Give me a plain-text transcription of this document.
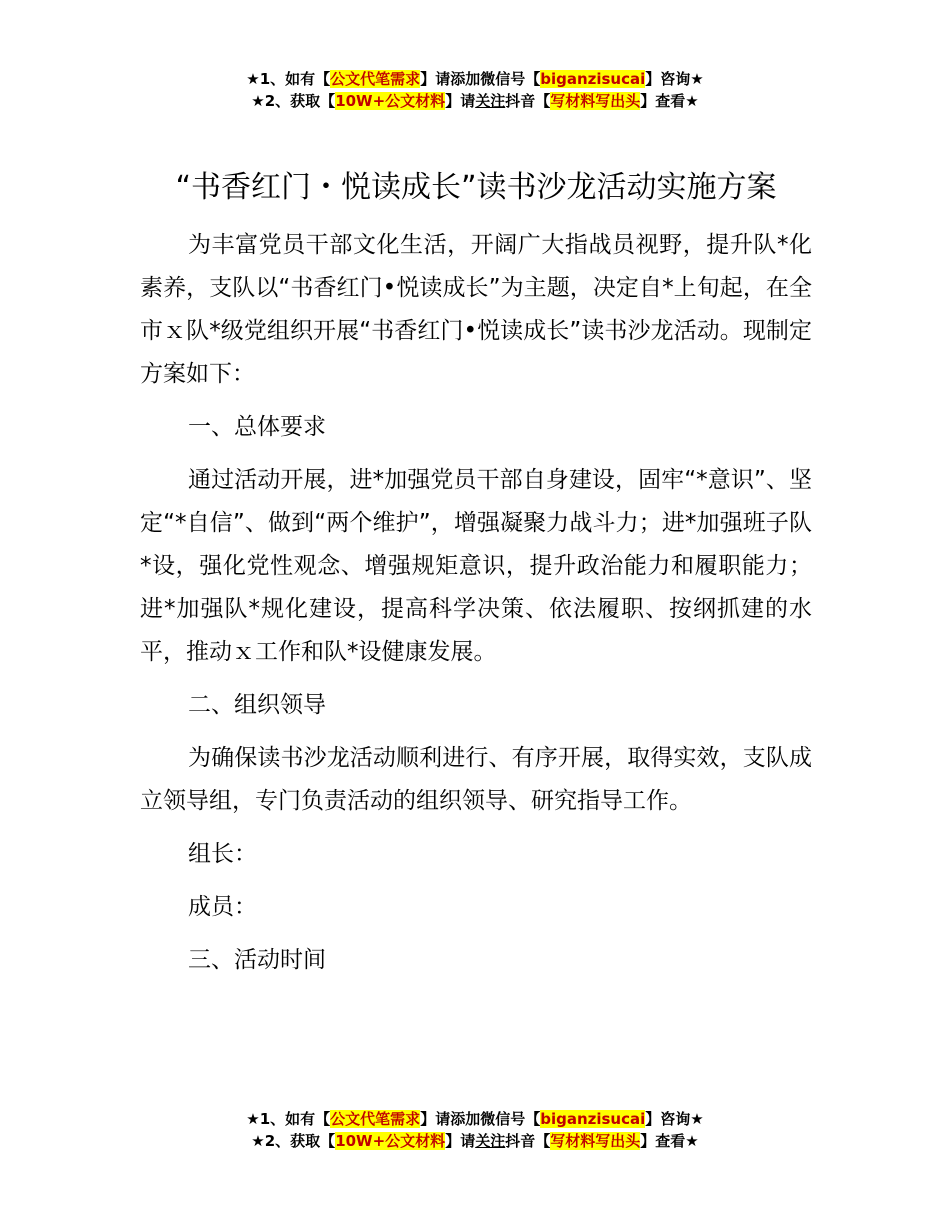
★1、如有【公文代笔需求】请添加微信号【biganzisucai】咨询★
★2、获取【10W+公文材料】请关注抖音【写材料写出头】查看★
“书香红门・悦读成长”读书沙龙活动实施方案

为丰富党员干部文化生活，开阔广大指战员视野，提升队*化素养，支队以“书香红门•悦读成长”为主题，决定自*上旬起，在全市ｘ队*级党组织开展“书香红门•悦读成长”读书沙龙活动。现制定方案如下：

一、总体要求

通过活动开展，进*加强党员干部自身建设，固牢“*意识”、坚定“*自信”、做到“两个维护”，增强凝聚力战斗力；进*加强班子队*设，强化党性观念、增强规矩意识，提升政治能力和履职能力；进*加强队*规化建设，提高科学决策、依法履职、按纲抓建的水平，推动ｘ工作和队*设健康发展。

二、组织领导

为确保读书沙龙活动顺利进行、有序开展，取得实效，支队成立领导组，专门负责活动的组织领导、研究指导工作。

组长：

成员：

三、活动时间

★1、如有【公文代笔需求】请添加微信号【biganzisucai】咨询★
★2、获取【10W+公文材料】请关注抖音【写材料写出头】查看★
